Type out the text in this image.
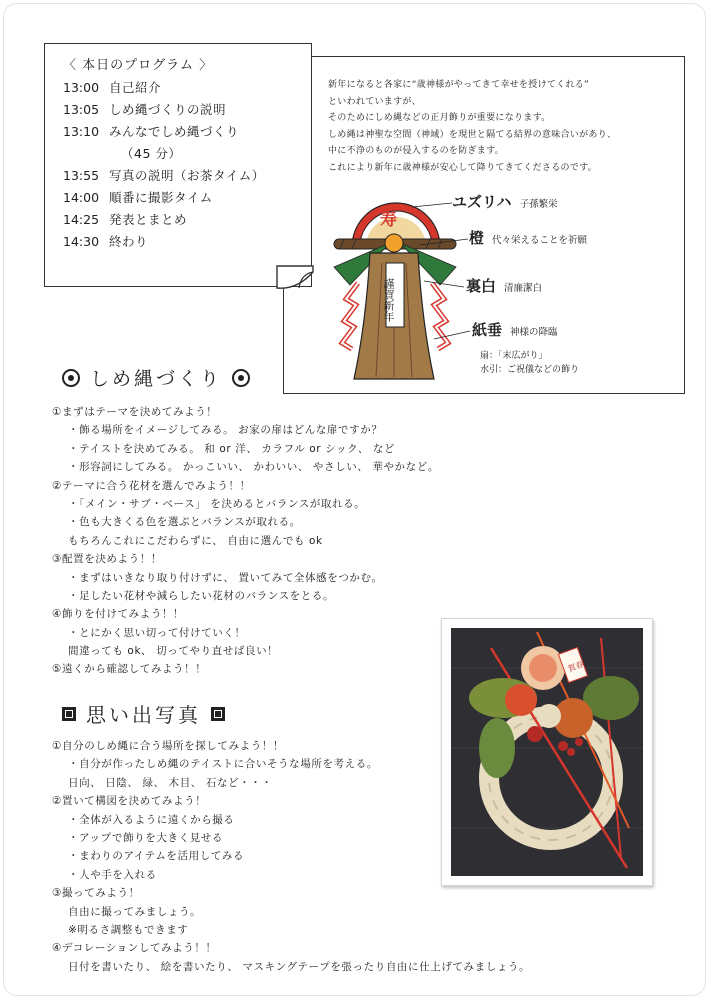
〈 本日のプログラム 〉
13:00 自己紹介
13:05 しめ縄づくりの説明
13:10 みんなでしめ縄づくり
（45 分）
13:55 写真の説明（お茶タイム）
14:00 順番に撮影タイム
14:25 発表とまとめ
14:30 終わり
新年になると各家に“歳神様がやってきて幸せを授けてくれる”
といわれていますが、
そのためにしめ縄などの正月飾りが重要になります。
しめ縄は神聖な空間（神域）を現世と隔てる結界の意味合いがあり、
中に不浄のものが侵入するのを防ぎます。
これにより新年に歳神様が安心して降りてきてくださるのです。
寿
謹賀新年
ユズリハ 子孫繁栄
橙代々栄えることを祈願
裏白 清廉潔白
紙垂 神様の降臨
扇：「末広がり」
水引：ご祝儀などの飾り
しめ縄づくり
①まずはテーマを決めてみよう！
・飾る場所をイメージしてみる。 お家の扉はどんな扉ですか？
・テイストを決めてみる。 和 or 洋、 カラフル or シック、 など
・形容詞にしてみる。 かっこいい、 かわいい、 やさしい、 華やかなど。
②テーマに合う花材を選んでみよう！！
・「メイン・サブ・ベース」 を決めるとバランスが取れる。
・色も大きくる色を選ぶとバランスが取れる。
もちろんこれにこだわらずに、 自由に選んでも ok
③配置を決めよう！！
・まずはいきなり取り付けずに、 置いてみて全体感をつかむ。
・足したい花材や減らしたい花材のバランスをとる。
④飾りを付けてみよう！！
・とにかく思い切って付けていく！
間違っても ok、 切ってやり直せば良い！
⑤遠くから確認してみよう！！	賀春
思い出写真
①自分のしめ縄に合う場所を探してみよう！！
・自分が作ったしめ縄のテイストに合いそうな場所を考える。
日向、 日陰、 緑、 木目、 石など・・・
②置いて構図を決めてみよう！
・全体が入るように遠くから撮る
・アップで飾りを大きく見せる
・まわりのアイテムを活用してみる
・人や手を入れる
③撮ってみよう！
自由に撮ってみましょう。
※明るさ調整もできます
④デコレーションしてみよう！！
日付を書いたり、 絵を書いたり、 マスキングテープを張ったり自由に仕上げてみましょう。
